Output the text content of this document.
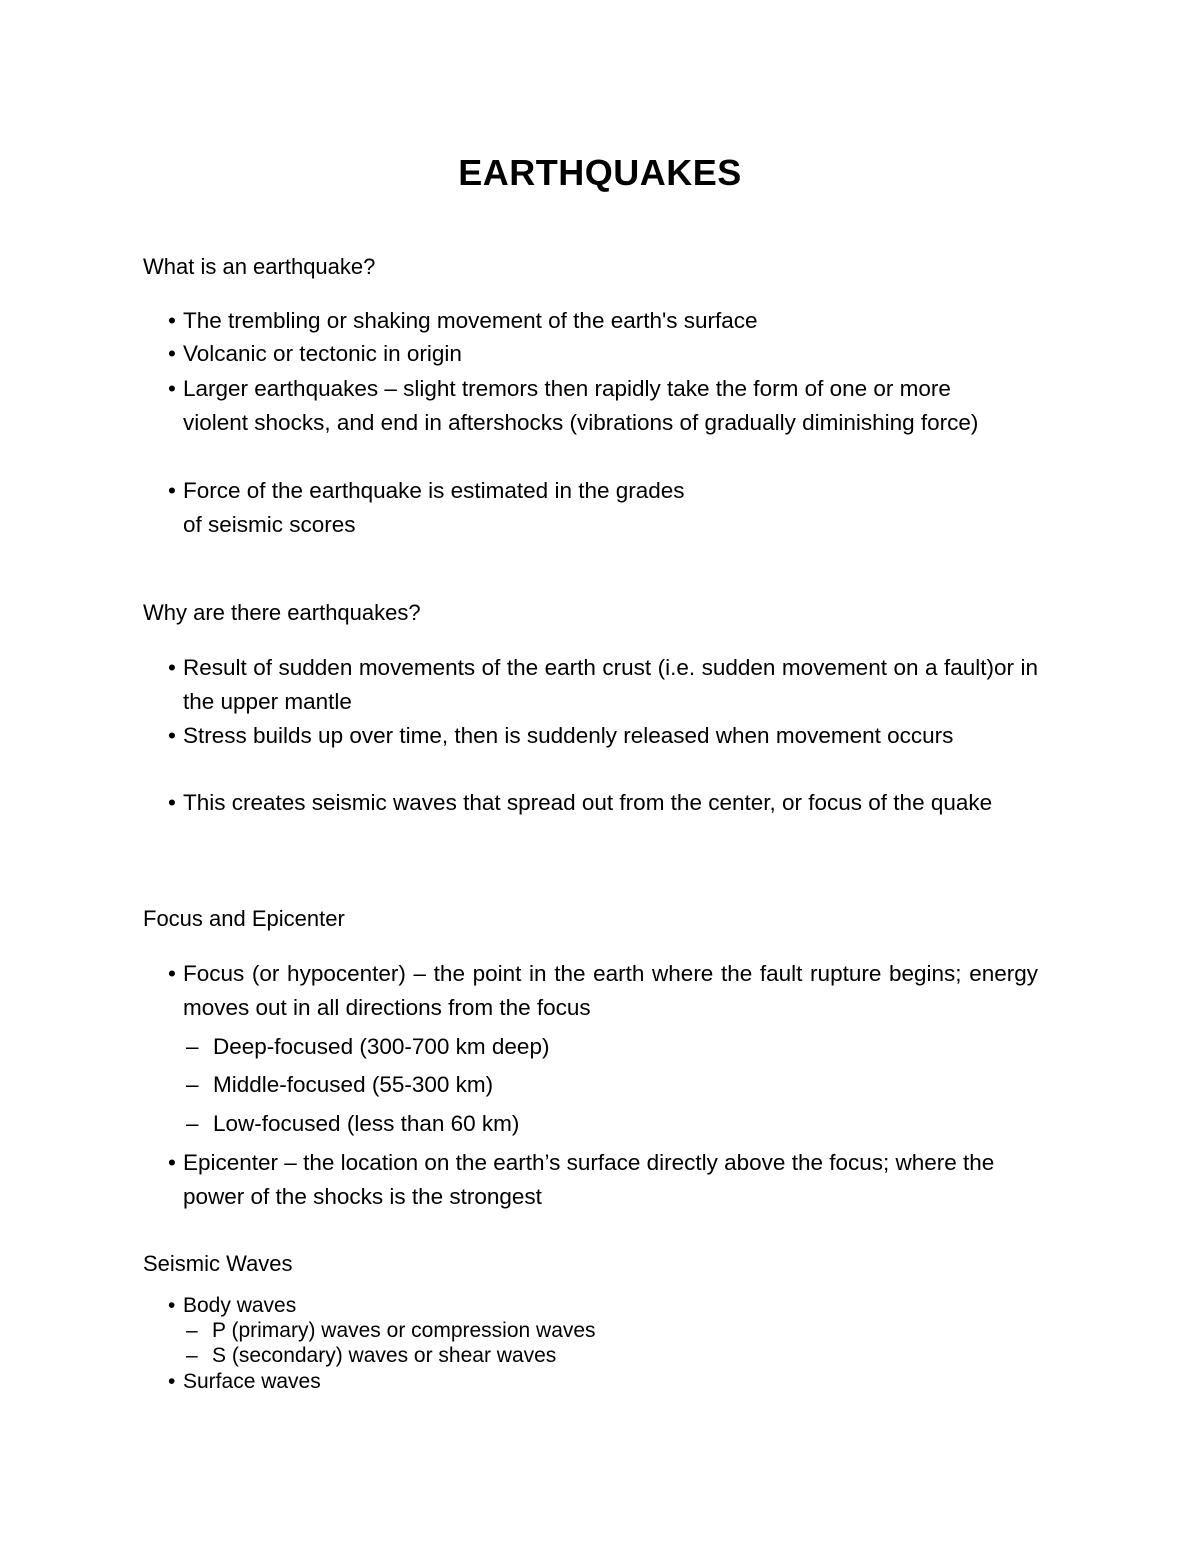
EARTHQUAKES
What is an earthquake?
• The trembling or shaking movement of the earth's surface
• Volcanic or tectonic in origin
• Larger earthquakes – slight tremors then rapidly take the form of one or more violent shocks, and end in aftershocks (vibrations of gradually diminishing force)
• Force of the earthquake is estimated in the grades of seismic scores
Why are there earthquakes?
• Result of sudden movements of the earth crust (i.e. sudden movement on a fault)or in the upper mantle
• Stress builds up over time, then is suddenly released when movement occurs
• This creates seismic waves that spread out from the center, or focus of the quake
Focus and Epicenter
• Focus (or hypocenter) – the point in the earth where the fault rupture begins; energy moves out in all directions from the focus
– Deep-focused (300-700 km deep)
– Middle-focused (55-300 km)
– Low-focused (less than 60 km)
• Epicenter – the location on the earth’s surface directly above the focus; where the power of the shocks is the strongest
Seismic Waves
• Body waves
– P (primary) waves or compression waves
– S (secondary) waves or shear waves
• Surface waves
